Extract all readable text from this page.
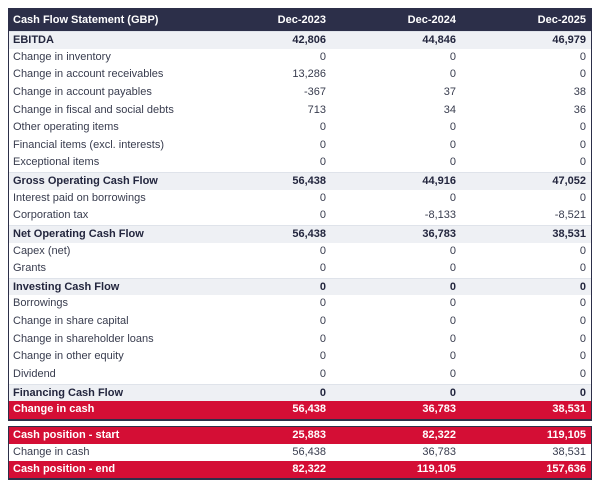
Cash Flow Statement (GBP)	Dec-2023	Dec-2024	Dec-2025
EBITDA	42,806	44,846	46,979
Change in inventory	0	0	0
Change in account receivables	13,286	0	0
Change in account payables	-367	37	38
Change in fiscal and social debts	713	34	36
Other operating items	0	0	0
Financial items (excl. interests)	0	0	0
Exceptional items	0	0	0
Gross Operating Cash Flow	56,438	44,916	47,052
Interest paid on borrowings	0	0	0
Corporation tax	0	-8,133	-8,521
Net Operating Cash Flow	56,438	36,783	38,531
Capex (net)	0	0	0
Grants	0	0	0
Investing Cash Flow	0	0	0
Borrowings	0	0	0
Change in share capital	0	0	0
Change in shareholder loans	0	0	0
Change in other equity	0	0	0
Dividend	0	0	0
Financing Cash Flow	0	0	0
Change in cash	56,438	36,783	38,531
Cash position - start	25,883	82,322	119,105
Change in cash	56,438	36,783	38,531
Cash position - end	82,322	119,105	157,636
